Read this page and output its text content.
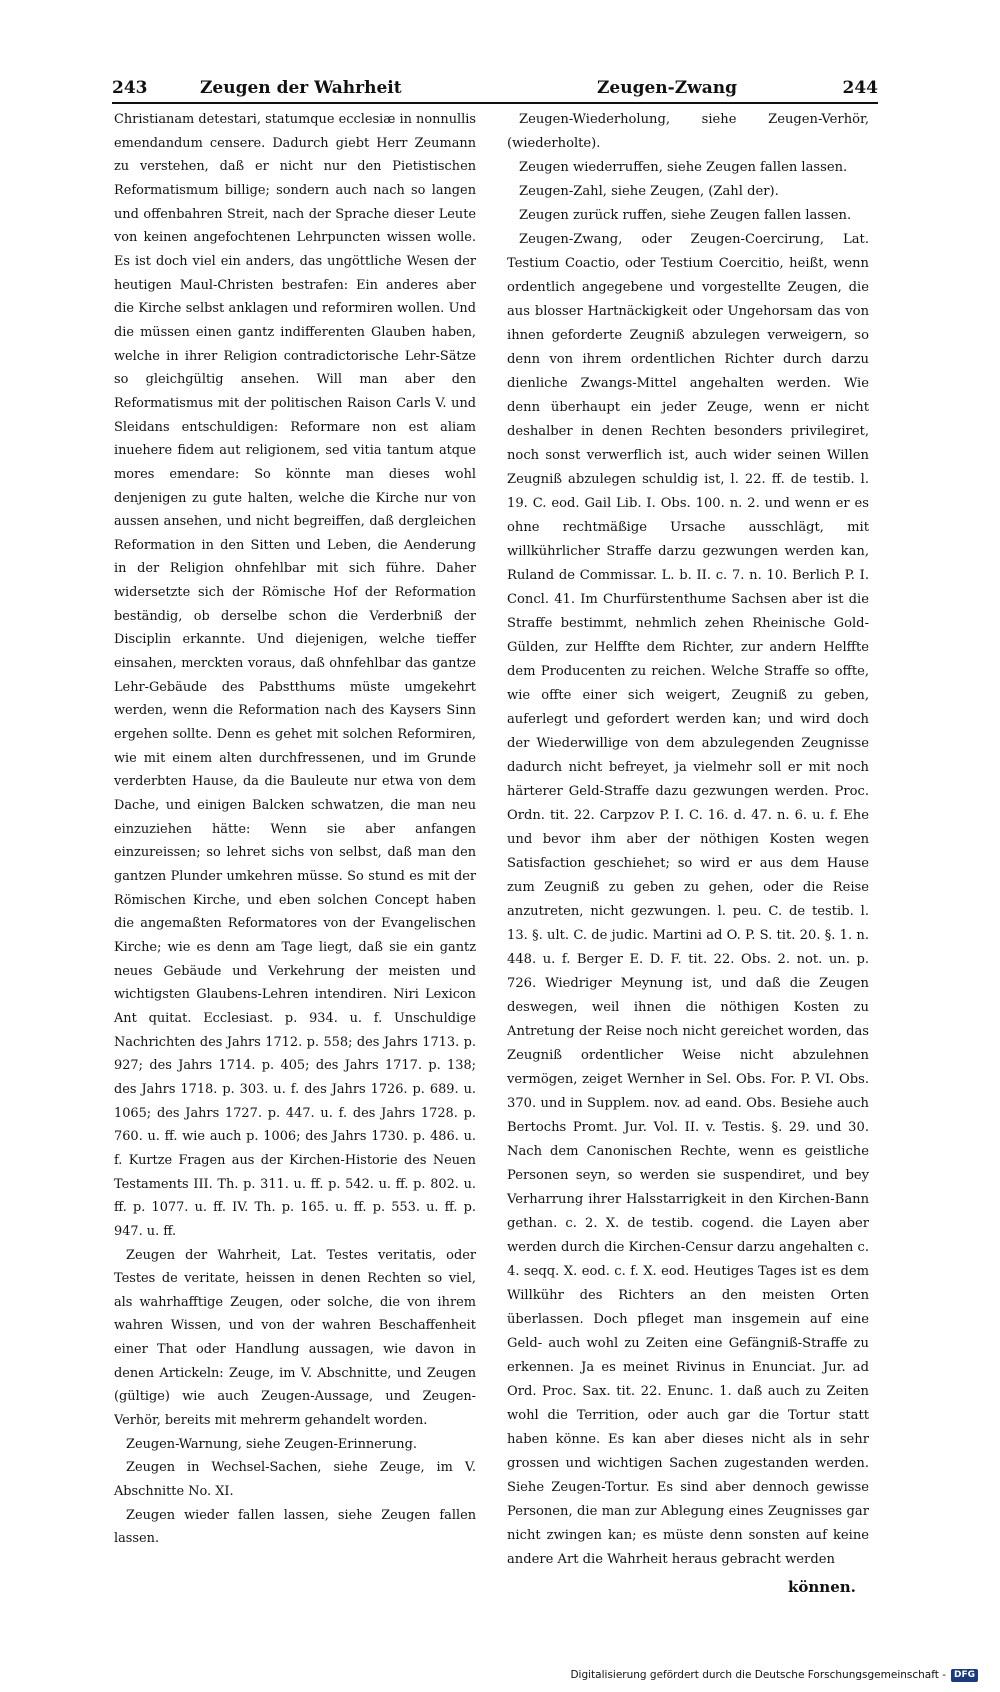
243	Zeugen der Wahrheit	Zeugen-Zwang	244

Christianam detestari, statumque ecclesiæ in nonnullis emendandum censere. Dadurch giebt Herr Zeumann zu verstehen, daß er nicht nur den Pietistischen Reformatismum billige; sondern auch nach so langen und offenbahren Streit, nach der Sprache dieser Leute von keinen angefochtenen Lehrpuncten wissen wolle. Es ist doch viel ein anders, das ungöttliche Wesen der heutigen Maul-Christen bestrafen: Ein anderes aber die Kirche selbst anklagen und reformiren wollen. Und die müssen einen gantz indifferenten Glauben haben, welche in ihrer Religion contradictorische Lehr-Sätze so gleichgültig ansehen. Will man aber den Reformatismus mit der politischen Raison Carls V. und Sleidans entschuldigen: Reformare non est aliam inuehere fidem aut religionem, sed vitia tantum atque mores emendare: So könnte man dieses wohl denjenigen zu gute halten, welche die Kirche nur von aussen ansehen, und nicht begreiffen, daß dergleichen Reformation in den Sitten und Leben, die Aenderung in der Religion ohnfehlbar mit sich führe. Daher widersetzte sich der Römische Hof der Reformation beständig, ob derselbe schon die Verderbniß der Disciplin erkannte. Und diejenigen, welche tieffer einsahen, merckten voraus, daß ohnfehlbar das gantze Lehr-Gebäude des Pabstthums müste umgekehrt werden, wenn die Reformation nach des Kaysers Sinn ergehen sollte. Denn es gehet mit solchen Reformiren, wie mit einem alten durchfressenen, und im Grunde verderbten Hause, da die Bauleute nur etwa von dem Dache, und einigen Balcken schwatzen, die man neu einzuziehen hätte: Wenn sie aber anfangen einzureissen; so lehret sichs von selbst, daß man den gantzen Plunder umkehren müsse. So stund es mit der Römischen Kirche, und eben solchen Concept haben die angemaßten Reformatores von der Evangelischen Kirche; wie es denn am Tage liegt, daß sie ein gantz neues Gebäude und Verkehrung der meisten und wichtigsten Glaubens-Lehren intendiren. Niri Lexicon Ant quitat. Ecclesiast. p. 934. u. f. Unschuldige Nachrichten des Jahrs 1712. p. 558; des Jahrs 1713. p. 927; des Jahrs 1714. p. 405; des Jahrs 1717. p. 138; des Jahrs 1718. p. 303. u. f. des Jahrs 1726. p. 689. u. 1065; des Jahrs 1727. p. 447. u. f. des Jahrs 1728. p. 760. u. ff. wie auch p. 1006; des Jahrs 1730. p. 486. u. f. Kurtze Fragen aus der Kirchen-Historie des Neuen Testaments III. Th. p. 311. u. ff. p. 542. u. ff. p. 802. u. ff. p. 1077. u. ff. IV. Th. p. 165. u. ff. p. 553. u. ff. p. 947. u. ff.

Zeugen der Wahrheit, Lat. Testes veritatis, oder Testes de veritate, heissen in denen Rechten so viel, als wahrhafftige Zeugen, oder solche, die von ihrem wahren Wissen, und von der wahren Beschaffenheit einer That oder Handlung aussagen, wie davon in denen Artickeln: Zeuge, im V. Abschnitte, und Zeugen (gültige) wie auch Zeugen-Aussage, und Zeugen-Verhör, bereits mit mehrerm gehandelt worden.

Zeugen-Warnung, siehe Zeugen-Erinnerung.

Zeugen in Wechsel-Sachen, siehe Zeuge, im V. Abschnitte No. XI.

Zeugen wieder fallen lassen, siehe Zeugen fallen lassen.

Zeugen-Wiederholung, siehe Zeugen-Verhör, (wiederholte).

Zeugen wiederruffen, siehe Zeugen fallen lassen.

Zeugen-Zahl, siehe Zeugen, (Zahl der).

Zeugen zurück ruffen, siehe Zeugen fallen lassen.

Zeugen-Zwang, oder Zeugen-Coercirung, Lat. Testium Coactio, oder Testium Coercitio, heißt, wenn ordentlich angegebene und vorgestellte Zeugen, die aus blosser Hartnäckigkeit oder Ungehorsam das von ihnen geforderte Zeugniß abzulegen verweigern, so denn von ihrem ordentlichen Richter durch darzu dienliche Zwangs-Mittel angehalten werden. Wie denn überhaupt ein jeder Zeuge, wenn er nicht deshalber in denen Rechten besonders privilegiret, noch sonst verwerflich ist, auch wider seinen Willen Zeugniß abzulegen schuldig ist, l. 22. ff. de testib. l. 19. C. eod. Gail Lib. I. Obs. 100. n. 2. und wenn er es ohne rechtmäßige Ursache ausschlägt, mit willkührlicher Straffe darzu gezwungen werden kan, Ruland de Commissar. L. b. II. c. 7. n. 10. Berlich P. I. Concl. 41. Im Churfürstenthume Sachsen aber ist die Straffe bestimmt, nehmlich zehen Rheinische Gold-Gülden, zur Helffte dem Richter, zur andern Helffte dem Producenten zu reichen. Welche Straffe so offte, wie offte einer sich weigert, Zeugniß zu geben, auferlegt und gefordert werden kan; und wird doch der Wiederwillige von dem abzulegenden Zeugnisse dadurch nicht befreyet, ja vielmehr soll er mit noch härterer Geld-Straffe dazu gezwungen werden. Proc. Ordn. tit. 22. Carpzov P. I. C. 16. d. 47. n. 6. u. f. Ehe und bevor ihm aber der nöthigen Kosten wegen Satisfaction geschiehet; so wird er aus dem Hause zum Zeugniß zu geben zu gehen, oder die Reise anzutreten, nicht gezwungen. l. peu. C. de testib. l. 13. §. ult. C. de judic. Martini ad O. P. S. tit. 20. §. 1. n. 448. u. f. Berger E. D. F. tit. 22. Obs. 2. not. un. p. 726. Wiedriger Meynung ist, und daß die Zeugen deswegen, weil ihnen die nöthigen Kosten zu Antretung der Reise noch nicht gereichet worden, das Zeugniß ordentlicher Weise nicht abzulehnen vermögen, zeiget Wernher in Sel. Obs. For. P. VI. Obs. 370. und in Supplem. nov. ad eand. Obs. Besiehe auch Bertochs Promt. Jur. Vol. II. v. Testis. §. 29. und 30. Nach dem Canonischen Rechte, wenn es geistliche Personen seyn, so werden sie suspendiret, und bey Verharrung ihrer Halsstarrigkeit in den Kirchen-Bann gethan. c. 2. X. de testib. cogend. die Layen aber werden durch die Kirchen-Censur darzu angehalten c. 4. seqq. X. eod. c. f. X. eod. Heutiges Tages ist es dem Willkühr des Richters an den meisten Orten überlassen. Doch pfleget man insgemein auf eine Geld- auch wohl zu Zeiten eine Gefängniß-Straffe zu erkennen. Ja es meinet Rivinus in Enunciat. Jur. ad Ord. Proc. Sax. tit. 22. Enunc. 1. daß auch zu Zeiten wohl die Territion, oder auch gar die Tortur statt haben könne. Es kan aber dieses nicht als in sehr grossen und wichtigen Sachen zugestanden werden. Siehe Zeugen-Tortur. Es sind aber dennoch gewisse Personen, die man zur Ablegung eines Zeugnisses gar nicht zwingen kan; es müste denn sonsten auf keine andere Art die Wahrheit heraus gebracht werden

können.
Digitalisierung gefördert durch die Deutsche Forschungsgemeinschaft - DFG
